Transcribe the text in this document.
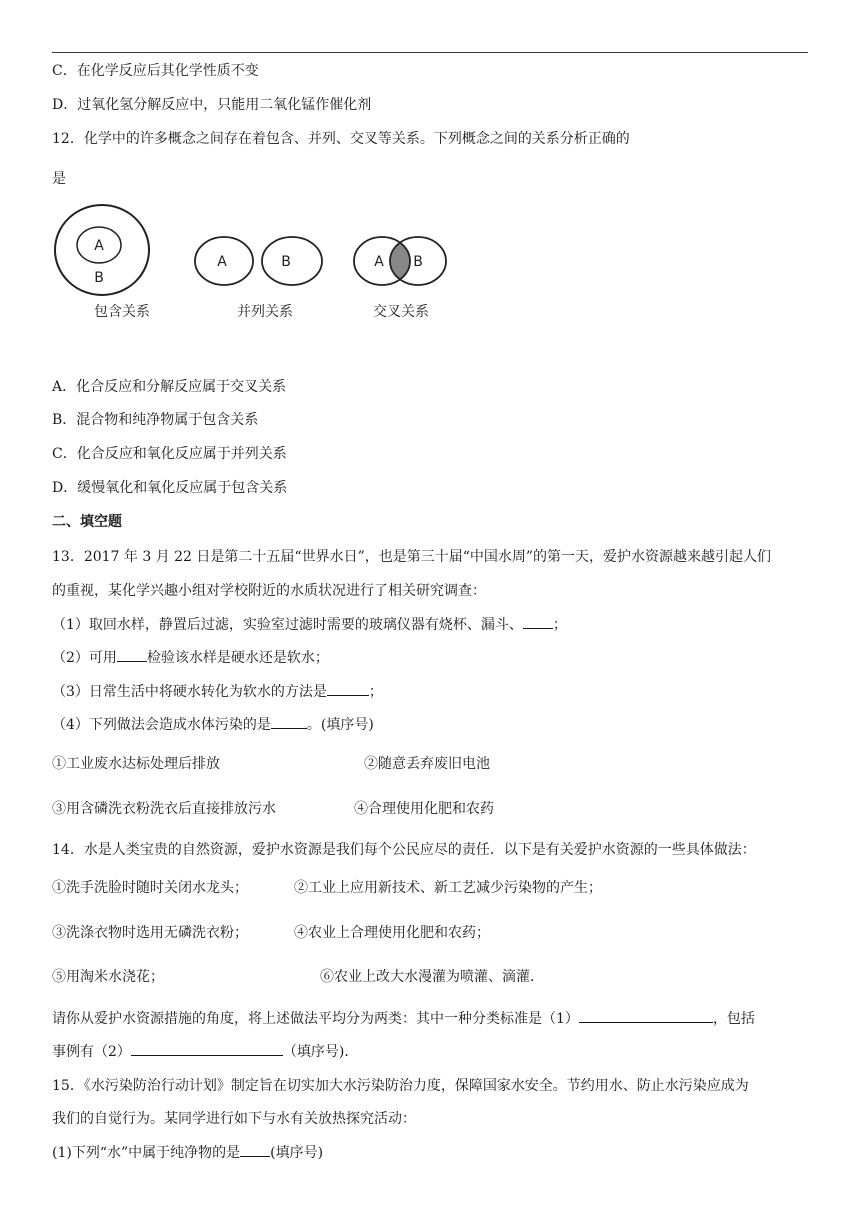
C．在化学反应后其化学性质不变
D．过氧化氢分解反应中，只能用二氧化锰作催化剂
12．化学中的许多概念之间存在着包含、并列、交叉等关系。下列概念之间的关系分析正确的
是
A
B
包含关系
A	B
并列关系
A B
交叉关系
A．化合反应和分解反应属于交叉关系
B．混合物和纯净物属于包含关系
C．化合反应和氧化反应属于并列关系
D．缓慢氧化和氧化反应属于包含关系
二、填空题
13．2017 年 3 月 22 日是第二十五届“世界水日”，也是第三十届“中国水周”的第一天，爱护水资源越来越引起人们
的重视，某化学兴趣小组对学校附近的水质状况进行了相关研究调查：
（1）取回水样，静置后过滤，实验室过滤时需要的玻璃仪器有烧杯、漏斗、 ；
（2）可用 检验该水样是硬水还是软水；
（3）日常生活中将硬水转化为软水的方法是	；
（4）下列做法会造成水体污染的是	。(填序号)
①工业废水达标处理后排放	②随意丢弃废旧电池
③用含磷洗衣粉洗衣后直接排放污水	④合理使用化肥和农药
14．水是人类宝贵的自然资源，爱护水资源是我们每个公民应尽的责任．以下是有关爱护水资源的一些具体做法：
①洗手洗脸时随时关闭水龙头；	②工业上应用新技术、新工艺减少污染物的产生；
③洗涤衣物时选用无磷洗衣粉；	④农业上合理使用化肥和农药；
⑤用淘米水浇花；	⑥农业上改大水漫灌为喷灌、滴灌．
请你从爱护水资源措施的角度，将上述做法平均分为两类：其中一种分类标准是（1）	，包括
事例有（2）	（填序号)．
15．《水污染防治行动计划》制定旨在切实加大水污染防治力度，保障国家水安全。节约用水、防止水污染应成为
我们的自觉行为。某同学进行如下与水有关放热探究活动：
(1)下列“水”中属于纯净物的是 (填序号)
